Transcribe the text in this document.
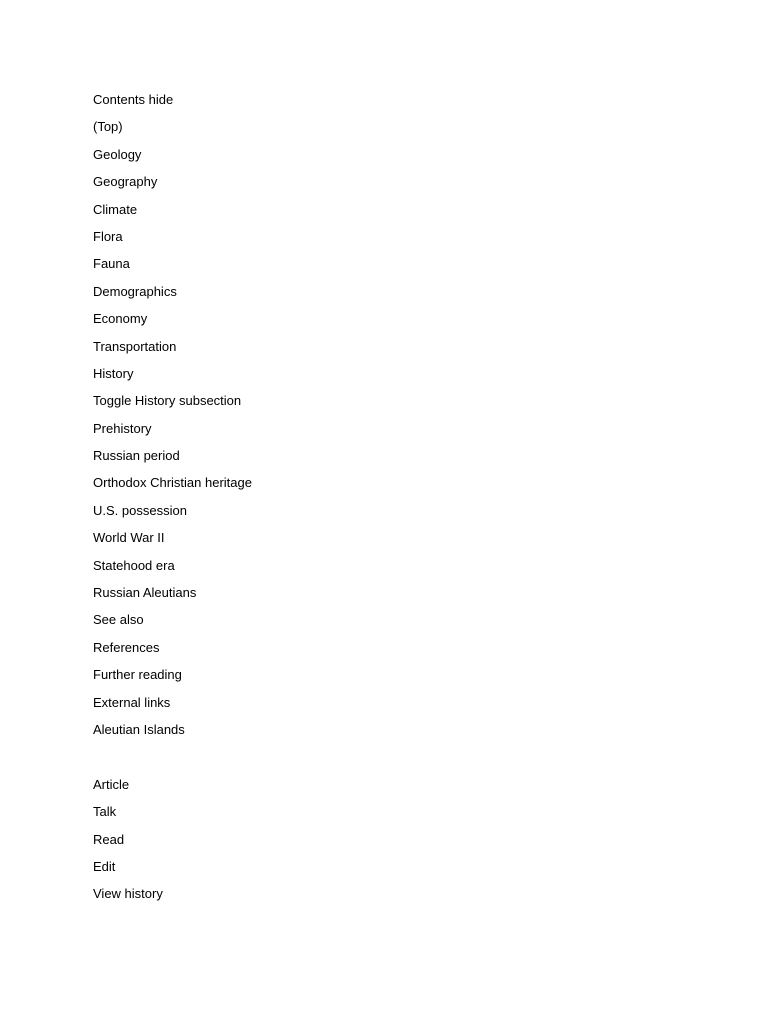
Contents hide
(Top)
Geology
Geography
Climate
Flora
Fauna
Demographics
Economy
Transportation
History
Toggle History subsection
Prehistory
Russian period
Orthodox Christian heritage
U.S. possession
World War II
Statehood era
Russian Aleutians
See also
References
Further reading
External links
Aleutian Islands
Article
Talk
Read
Edit
View history
